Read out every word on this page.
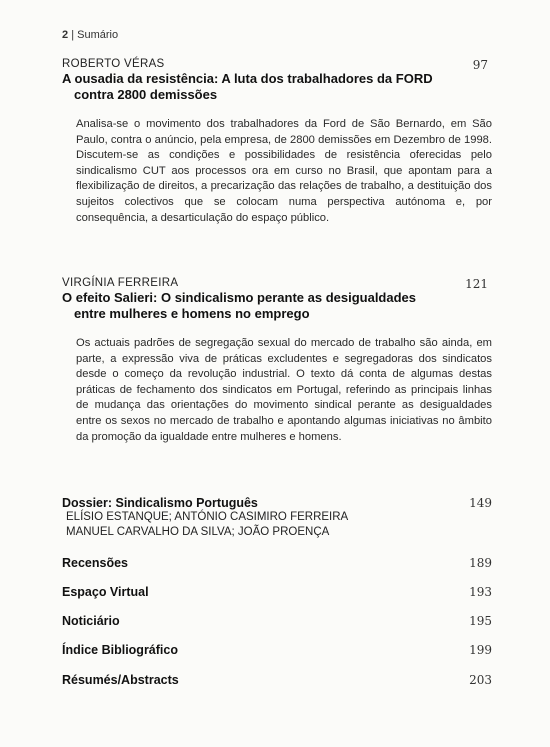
2 | Sumário
ROBERTO VÉRAS	97
A ousadia da resistência: A luta dos trabalhadores da FORD
contra 2800 demissões
Analisa-se o movimento dos trabalhadores da Ford de São Bernardo, em São Paulo, contra o anúncio, pela empresa, de 2800 demissões em Dezembro de 1998. Discutem-se as condições e possibilidades de resistência oferecidas pelo sindicalismo CUT aos processos ora em curso no Brasil, que apontam para a flexibilização de direitos, a precarização das relações de trabalho, a destituição dos sujeitos colectivos que se colocam numa perspectiva autónoma e, por consequência, a desarticulação do espaço público.
VIRGÍNIA FERREIRA	121
O efeito Salieri: O sindicalismo perante as desigualdades
entre mulheres e homens no emprego
Os actuais padrões de segregação sexual do mercado de trabalho são ainda, em parte, a expressão viva de práticas excludentes e segregadoras dos sindicatos desde o começo da revolução industrial. O texto dá conta de algumas destas práticas de fechamento dos sindicatos em Portugal, referindo as principais linhas de mudança das orientações do movimento sindical perante as desigualdades entre os sexos no mercado de trabalho e apontando algumas iniciativas no âmbito da promoção da igualdade entre mulheres e homens.
Dossier: Sindicalismo Português	149
ELÍSIO ESTANQUE; ANTÓNIO CASIMIRO FERREIRA
MANUEL CARVALHO DA SILVA; JOÃO PROENÇA
Recensões	189
Espaço Virtual	193
Noticiário	195
Índice Bibliográfico	199
Résumés/Abstracts	203
